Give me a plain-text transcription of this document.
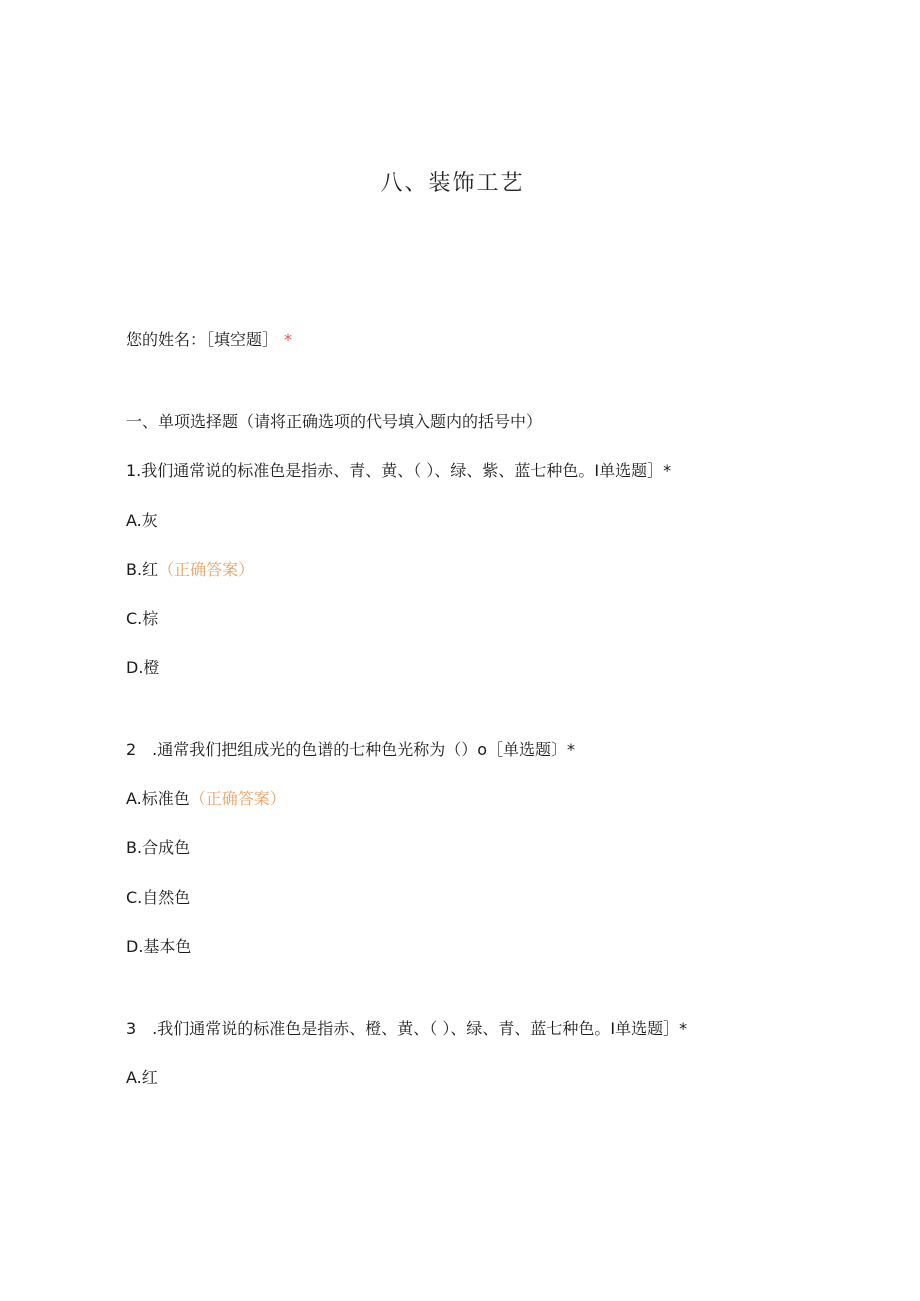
八、装饰工艺
您的姓名：［填空题］ *
一、单项选择题（请将正确选项的代号填入题内的括号中）
1.我们通常说的标准色是指赤、青、黄、（ ）、绿、紫、蓝七种色。I单选题］*
A.灰
B.红（正确答案）
C.棕
D.橙
2　.通常我们把组成光的色谱的七种色光称为（）o［单选题〕*
A.标准色（正确答案）
B.合成色
C.自然色
D.基本色
3　.我们通常说的标准色是指赤、橙、黄、（ ）、绿、青、蓝七种色。I单选题］*
A.红
